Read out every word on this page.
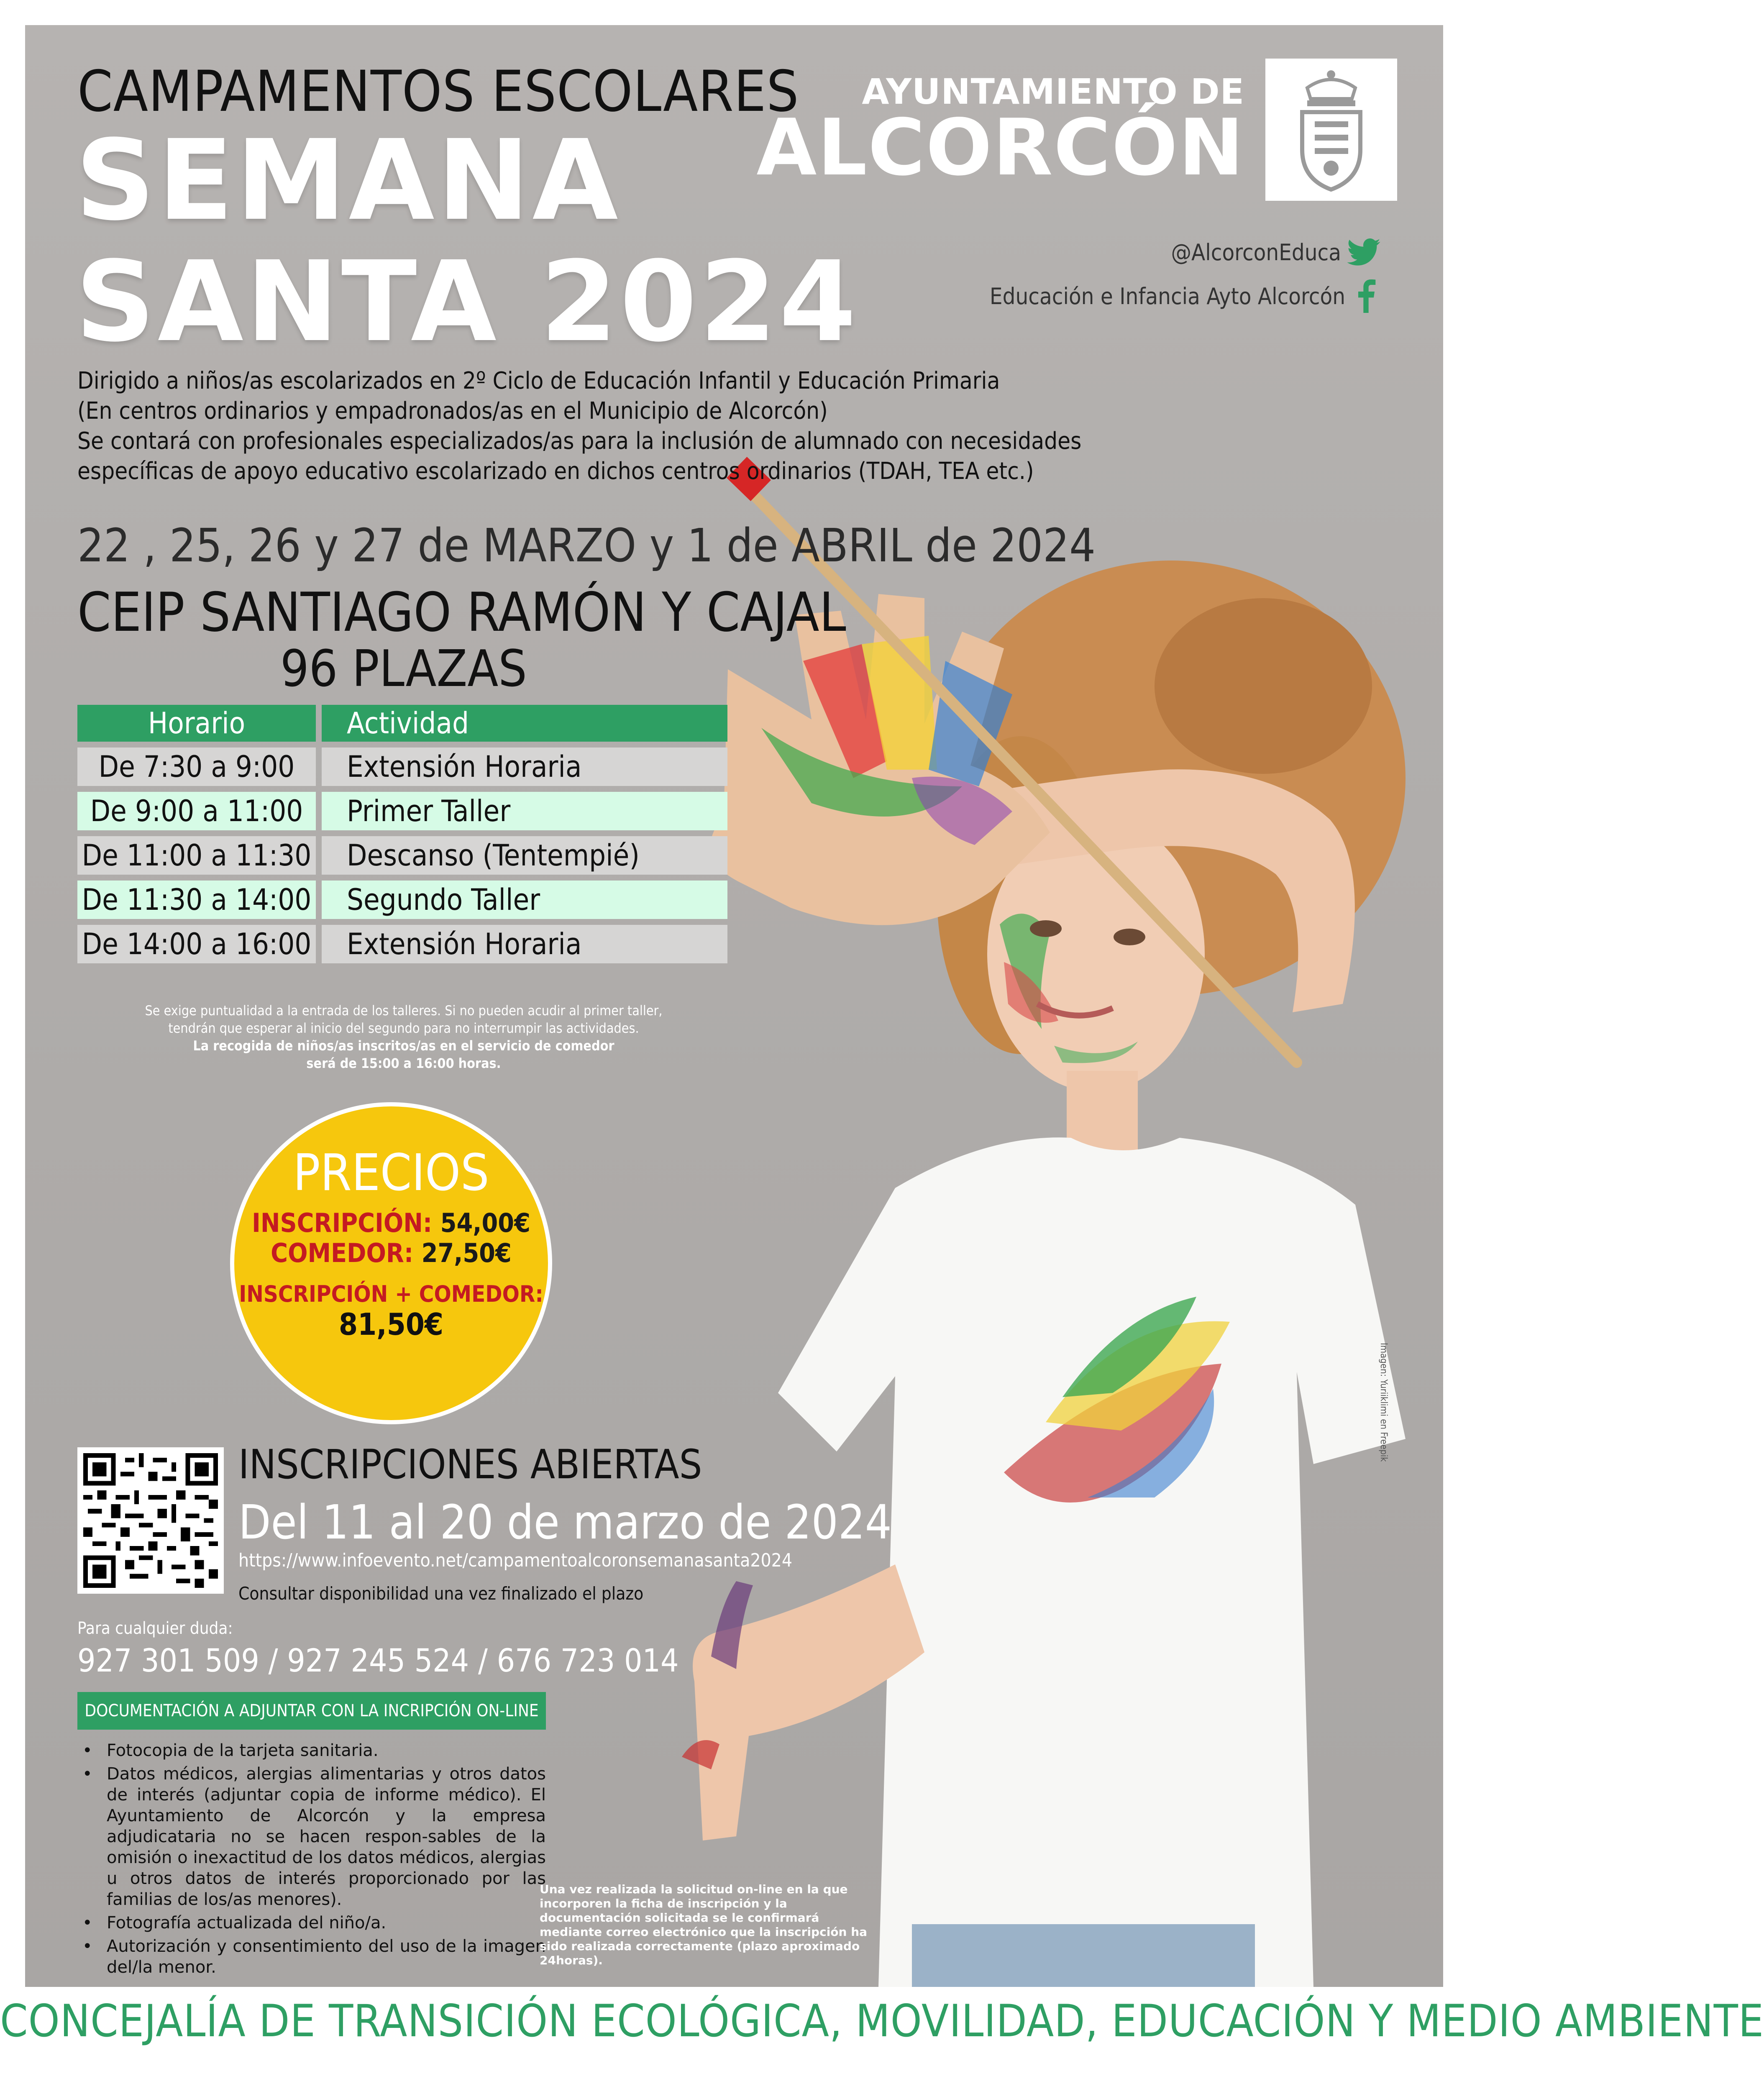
CAMPAMENTOS ESCOLARES
SEMANA
SANTA 2024
AYUNTAMIENTO DE
ALCORCÓN
@AlcorconEduca
Educación e Infancia Ayto Alcorcón
Dirigido a niños/as escolarizados en 2º Ciclo de Educación Infantil y Educación Primaria
(En centros ordinarios y empadronados/as en el Municipio de Alcorcón)
Se contará con profesionales especializados/as para la inclusión de alumnado con necesidades
específicas de apoyo educativo escolarizado en dichos centros ordinarios (TDAH, TEA etc.)
22 , 25, 26 y 27 de MARZO y 1 de ABRIL de 2024
CEIP SANTIAGO RAMÓN Y CAJAL
96 PLAZAS
Horario	Actividad
De 7:30 a 9:00	Extensión Horaria
De 9:00 a 11:00	Primer Taller
De 11:00 a 11:30	Descanso (Tentempié)
De 11:30 a 14:00	Segundo Taller
De 14:00 a 16:00	Extensión Horaria
Se exige puntualidad a la entrada de los talleres. Si no pueden acudir al primer taller,
tendrán que esperar al inicio del segundo para no interrumpir las actividades.
La recogida de niños/as inscritos/as en el servicio de comedor
será de 15:00 a 16:00 horas.
PRECIOS
INSCRIPCIÓN: 54,00€
COMEDOR: 27,50€
INSCRIPCIÓN + COMEDOR:
81,50€
INSCRIPCIONES ABIERTAS
Del 11 al 20 de marzo de 2024
https://www.infoevento.net/campamentoalcoronsemanasanta2024
Consultar disponibilidad una vez finalizado el plazo
Para cualquier duda:
927 301 509 / 927 245 524 / 676 723 014
DOCUMENTACIÓN A ADJUNTAR CON LA INCRIPCIÓN ON-LINE
• Fotocopia de la tarjeta sanitaria.
• Datos médicos, alergias alimentarias y otros datos de interés (adjuntar copia de informe médico). El Ayuntamiento de Alcorcón y la empresa adjudicataria no se hacen respon-sables de la omisión o inexactitud de los datos médicos, alergias u otros datos de interés proporcionado por las familias de los/as menores).
• Fotografía actualizada del niño/a.
• Autorización y consentimiento del uso de la imagen del/la menor.
Una vez realizada la solicitud on-line en la que incorporen la ficha de inscripción y la documentación solicitada se le confirmará mediante correo electrónico que la inscripción ha sido realizada correctamente (plazo aproximado 24horas).
Imagen: Yuriiklimi en Freepik
CONCEJALÍA DE TRANSICIÓN ECOLÓGICA, MOVILIDAD, EDUCACIÓN Y MEDIO AMBIENTE
